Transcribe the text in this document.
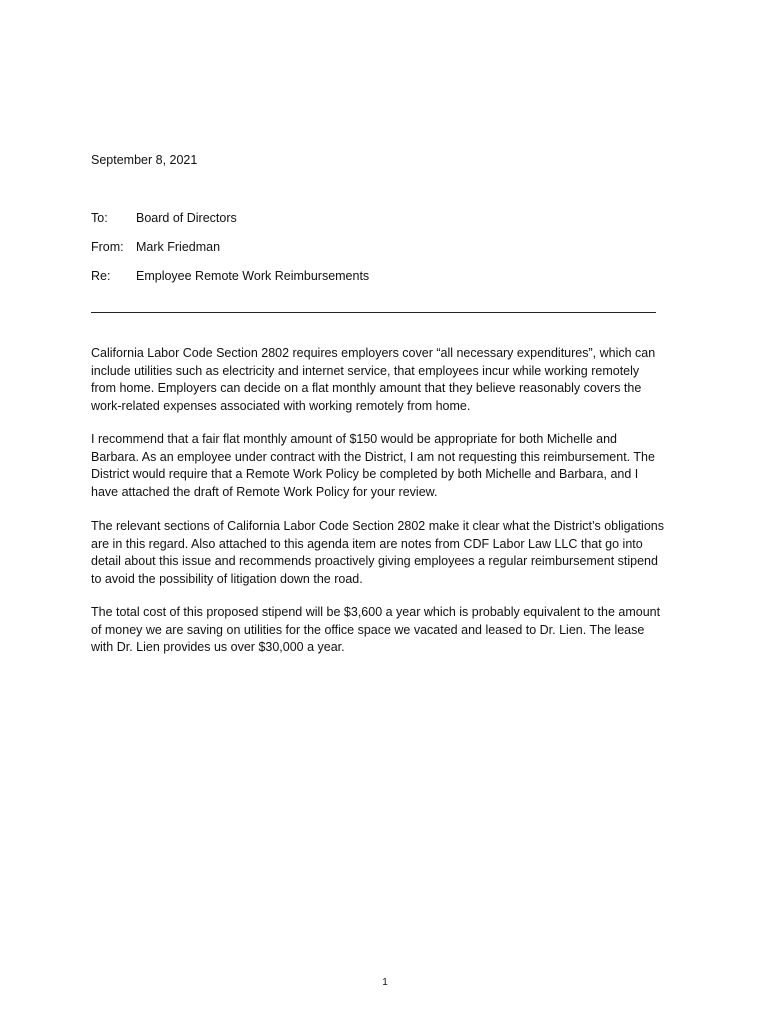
September 8, 2021
To: Board of Directors
From: Mark Friedman
Re: Employee Remote Work Reimbursements

California Labor Code Section 2802 requires employers cover “all necessary expenditures”, which can
include utilities such as electricity and internet service, that employees incur while working remotely
from home. Employers can decide on a flat monthly amount that they believe reasonably covers the
work-related expenses associated with working remotely from home.

I recommend that a fair flat monthly amount of $150 would be appropriate for both Michelle and
Barbara. As an employee under contract with the District, I am not requesting this reimbursement. The
District would require that a Remote Work Policy be completed by both Michelle and Barbara, and I
have attached the draft of Remote Work Policy for your review.

The relevant sections of California Labor Code Section 2802 make it clear what the District’s obligations
are in this regard. Also attached to this agenda item are notes from CDF Labor Law LLC that go into
detail about this issue and recommends proactively giving employees a regular reimbursement stipend
to avoid the possibility of litigation down the road.

The total cost of this proposed stipend will be $3,600 a year which is probably equivalent to the amount
of money we are saving on utilities for the office space we vacated and leased to Dr. Lien. The lease
with Dr. Lien provides us over $30,000 a year.

1
